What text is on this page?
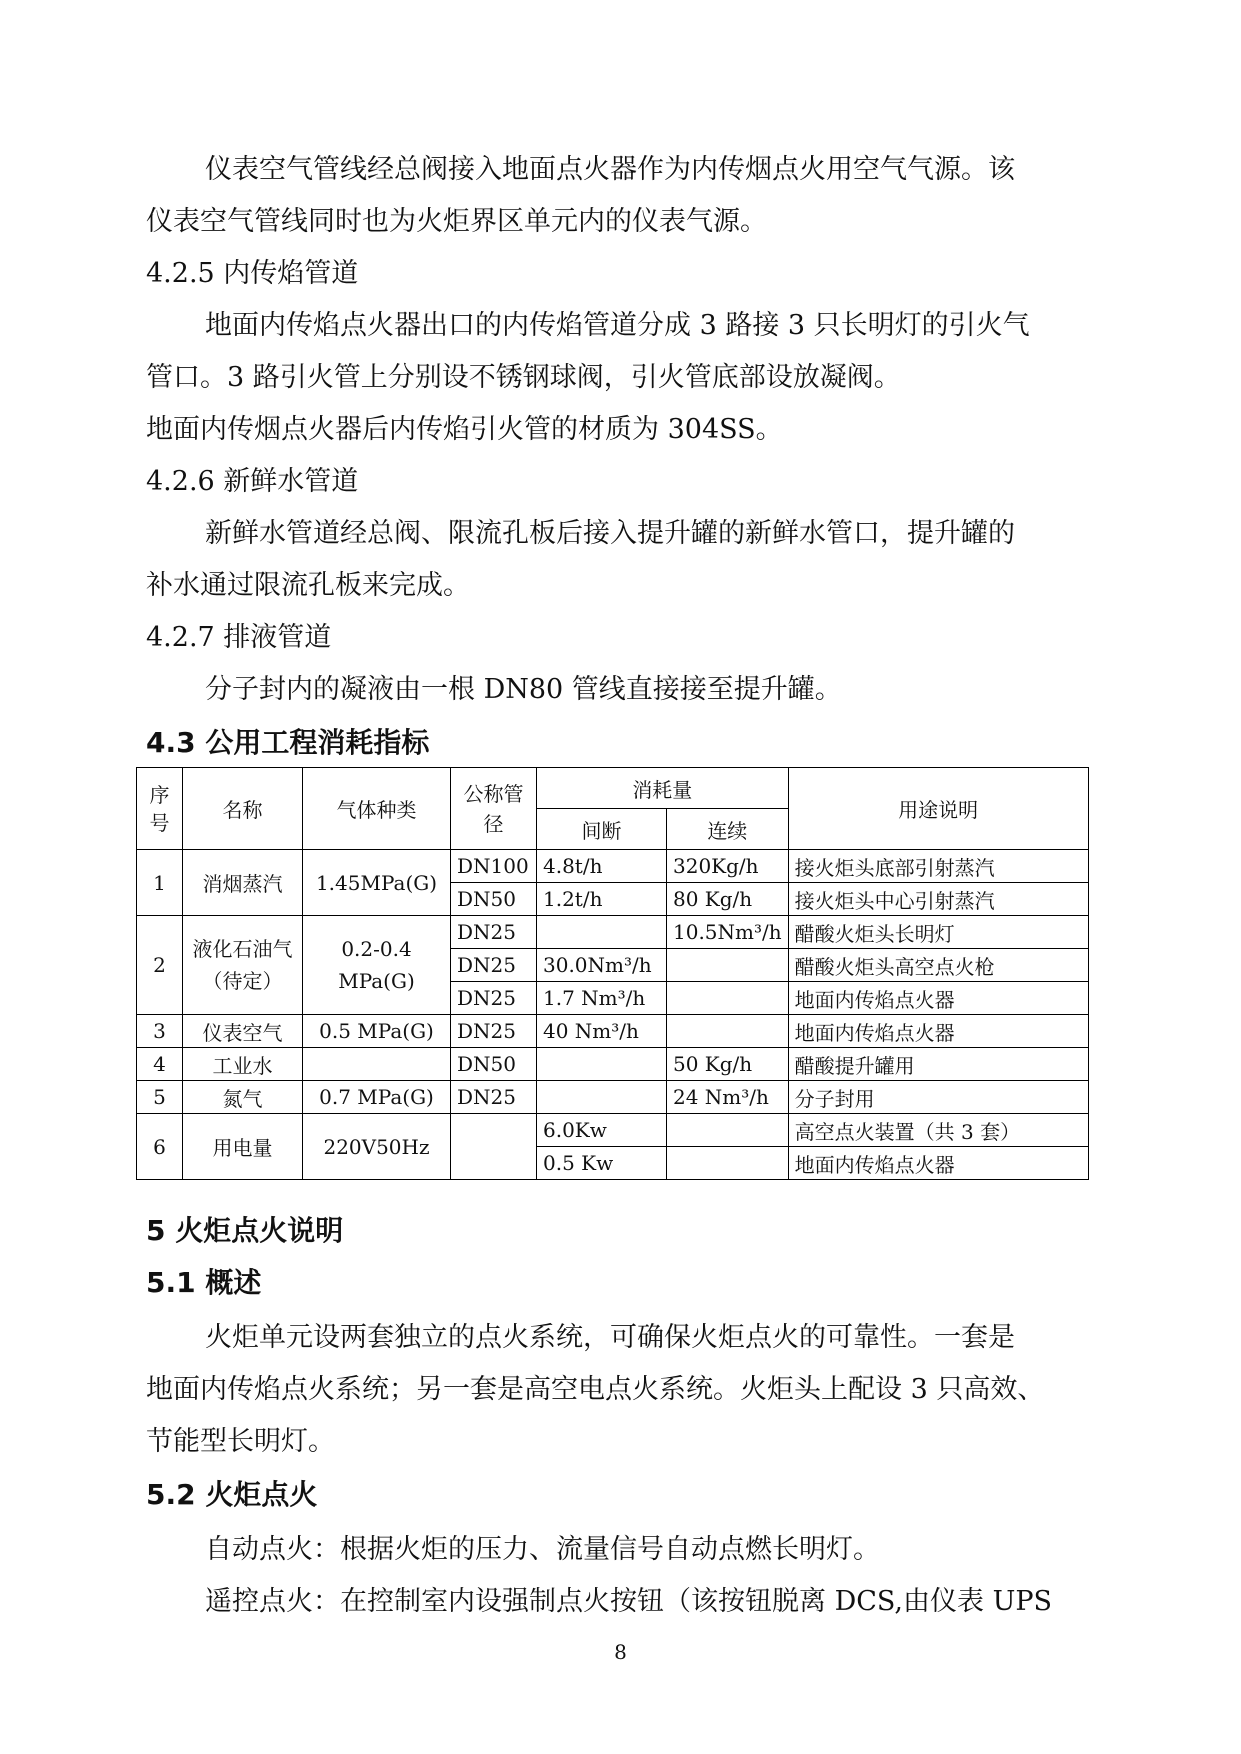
仪表空气管线经总阀接入地面点火器作为内传烟点火用空气气源。该
仪表空气管线同时也为火炬界区单元内的仪表气源。
4.2.5 内传焰管道
地面内传焰点火器出口的内传焰管道分成 3 路接 3 只长明灯的引火气
管口。3 路引火管上分别设不锈钢球阀，引火管底部设放凝阀。
地面内传烟点火器后内传焰引火管的材质为 304SS。
4.2.6 新鲜水管道
新鲜水管道经总阀、限流孔板后接入提升罐的新鲜水管口，提升罐的
补水通过限流孔板来完成。
4.2.7 排液管道
分子封内的凝液由一根 DN80 管线直接接至提升罐。
4.3 公用工程消耗指标
序号	名称	气体种类	公称管径	消耗量		用途说明
				间断	连续	
1	消烟蒸汽	1.45MPa(G)	DN100	4.8t/h	320Kg/h	接火炬头底部引射蒸汽
			DN50	1.2t/h	80 Kg/h	接火炬头中心引射蒸汽
2	液化石油气（待定）	0.2-0.4 MPa(G)	DN25		10.5Nm³/h	醋酸火炬头长明灯
			DN25	30.0Nm³/h		醋酸火炬头高空点火枪
			DN25	1.7 Nm³/h		地面内传焰点火器
3	仪表空气	0.5 MPa(G)	DN25	40 Nm³/h		地面内传焰点火器
4	工业水		DN50		50 Kg/h	醋酸提升罐用
5	氮气	0.7 MPa(G)	DN25		24 Nm³/h	分子封用
6	用电量	220V50Hz		6.0Kw		高空点火装置（共 3 套）
				0.5 Kw		地面内传焰点火器
5 火炬点火说明
5.1 概述
火炬单元设两套独立的点火系统，可确保火炬点火的可靠性。一套是
地面内传焰点火系统；另一套是高空电点火系统。火炬头上配设 3 只高效、
节能型长明灯。
5.2 火炬点火
自动点火：根据火炬的压力、流量信号自动点燃长明灯。
遥控点火：在控制室内设强制点火按钮（该按钮脱离 DCS,由仪表 UPS
8
